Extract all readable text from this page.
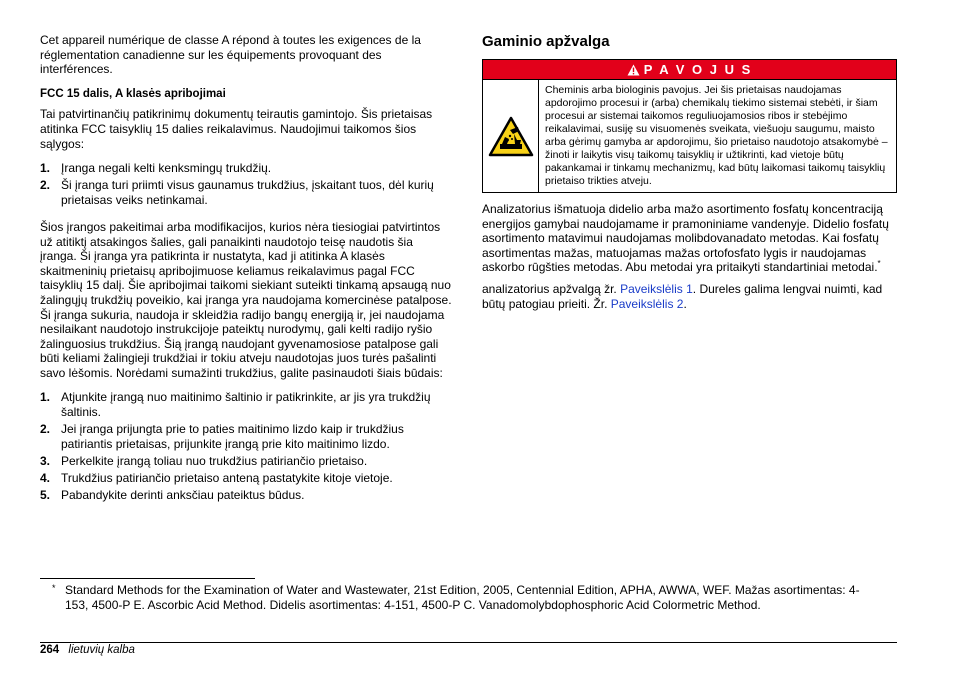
Cet appareil numérique de classe A répond à toutes les exigences de la réglementation canadienne sur les équipements provoquant des interférences.

FCC 15 dalis, A klasės apribojimai

Tai patvirtinančių patikrinimų dokumentų teirautis gamintojo. Šis prietaisas atitinka FCC taisyklių 15 dalies reikalavimus. Naudojimui taikomos šios sąlygos:

1. Įranga negali kelti kenksmingų trukdžių.
2. Ši įranga turi priimti visus gaunamus trukdžius, įskaitant tuos, dėl kurių prietaisas veiks netinkamai.

Šios įrangos pakeitimai arba modifikacijos, kurios nėra tiesiogiai patvirtintos už atitiktį atsakingos šalies, gali panaikinti naudotojo teisę naudotis šia įranga. Ši įranga yra patikrinta ir nustatyta, kad ji atitinka A klasės skaitmeninių prietaisų apribojimuose keliamus reikalavimus pagal FCC taisyklių 15 dalį. Šie apribojimai taikomi siekiant suteikti tinkamą apsaugą nuo žalingųjų trukdžių poveikio, kai įranga yra naudojama komercinėse patalpose. Ši įranga sukuria, naudoja ir skleidžia radijo bangų energiją ir, jei naudojama nesilaikant naudotojo instrukcijoje pateiktų nurodymų, gali kelti radijo ryšio žalinguosius trukdžius. Šią įrangą naudojant gyvenamosiose patalpose gali būti keliami žalingieji trukdžiai ir tokiu atveju naudotojas juos turės pašalinti savo lėšomis. Norėdami sumažinti trukdžius, galite pasinaudoti šiais būdais:

1. Atjunkite įrangą nuo maitinimo šaltinio ir patikrinkite, ar jis yra trukdžių šaltinis.
2. Jei įranga prijungta prie to paties maitinimo lizdo kaip ir trukdžius patiriantis prietaisas, prijunkite įrangą prie kito maitinimo lizdo.
3. Perkelkite įrangą toliau nuo trukdžius patiriančio prietaiso.
4. Trukdžius patiriančio prietaiso anteną pastatykite kitoje vietoje.
5. Pabandykite derinti anksčiau pateiktus būdus.
Gaminio apžvalga
P A V O J U S
Cheminis arba biologinis pavojus. Jei šis prietaisas naudojamas apdorojimo procesui ir (arba) chemikalų tiekimo sistemai stebėti, ir šiam procesui ar sistemai taikomos reguliuojamosios ribos ir stebėjimo reikalavimai, susiję su visuomenės sveikata, viešuoju saugumu, maisto arba gėrimų gamyba ar apdorojimu, šio prietaiso naudotojo atsakomybė – žinoti ir laikytis visų taikomų taisyklių ir užtikrinti, kad vietoje būtų pakankamai ir tinkamų mechanizmų, kad būtų laikomasi taikomų taisyklių prietaiso trikties atveju.

Analizatorius išmatuoja didelio arba mažo asortimento fosfatų koncentraciją energijos gamybai naudojamame ir pramoniniame vandenyje. Didelio fosfatų asortimento matavimui naudojamas molibdovanadato metodas. Kai fosfatų asortimentas mažas, matuojamas mažas ortofosfato lygis ir naudojamas askorbo rūgšties metodas. Abu metodai yra pritaikyti standartiniai metodai.*

analizatorius apžvalgą žr. Paveikslėlis 1. Dureles galima lengvai nuimti, kad būtų patogiau prieiti. Žr. Paveikslėlis 2.

* Standard Methods for the Examination of Water and Wastewater, 21st Edition, 2005, Centennial Edition, APHA, AWWA, WEF. Mažas asortimentas: 4-153, 4500-P E. Ascorbic Acid Method. Didelis asortimentas: 4-151, 4500-P C. Vanadomolybdophosphoric Acid Colormetric Method.
264 lietuvių kalba
